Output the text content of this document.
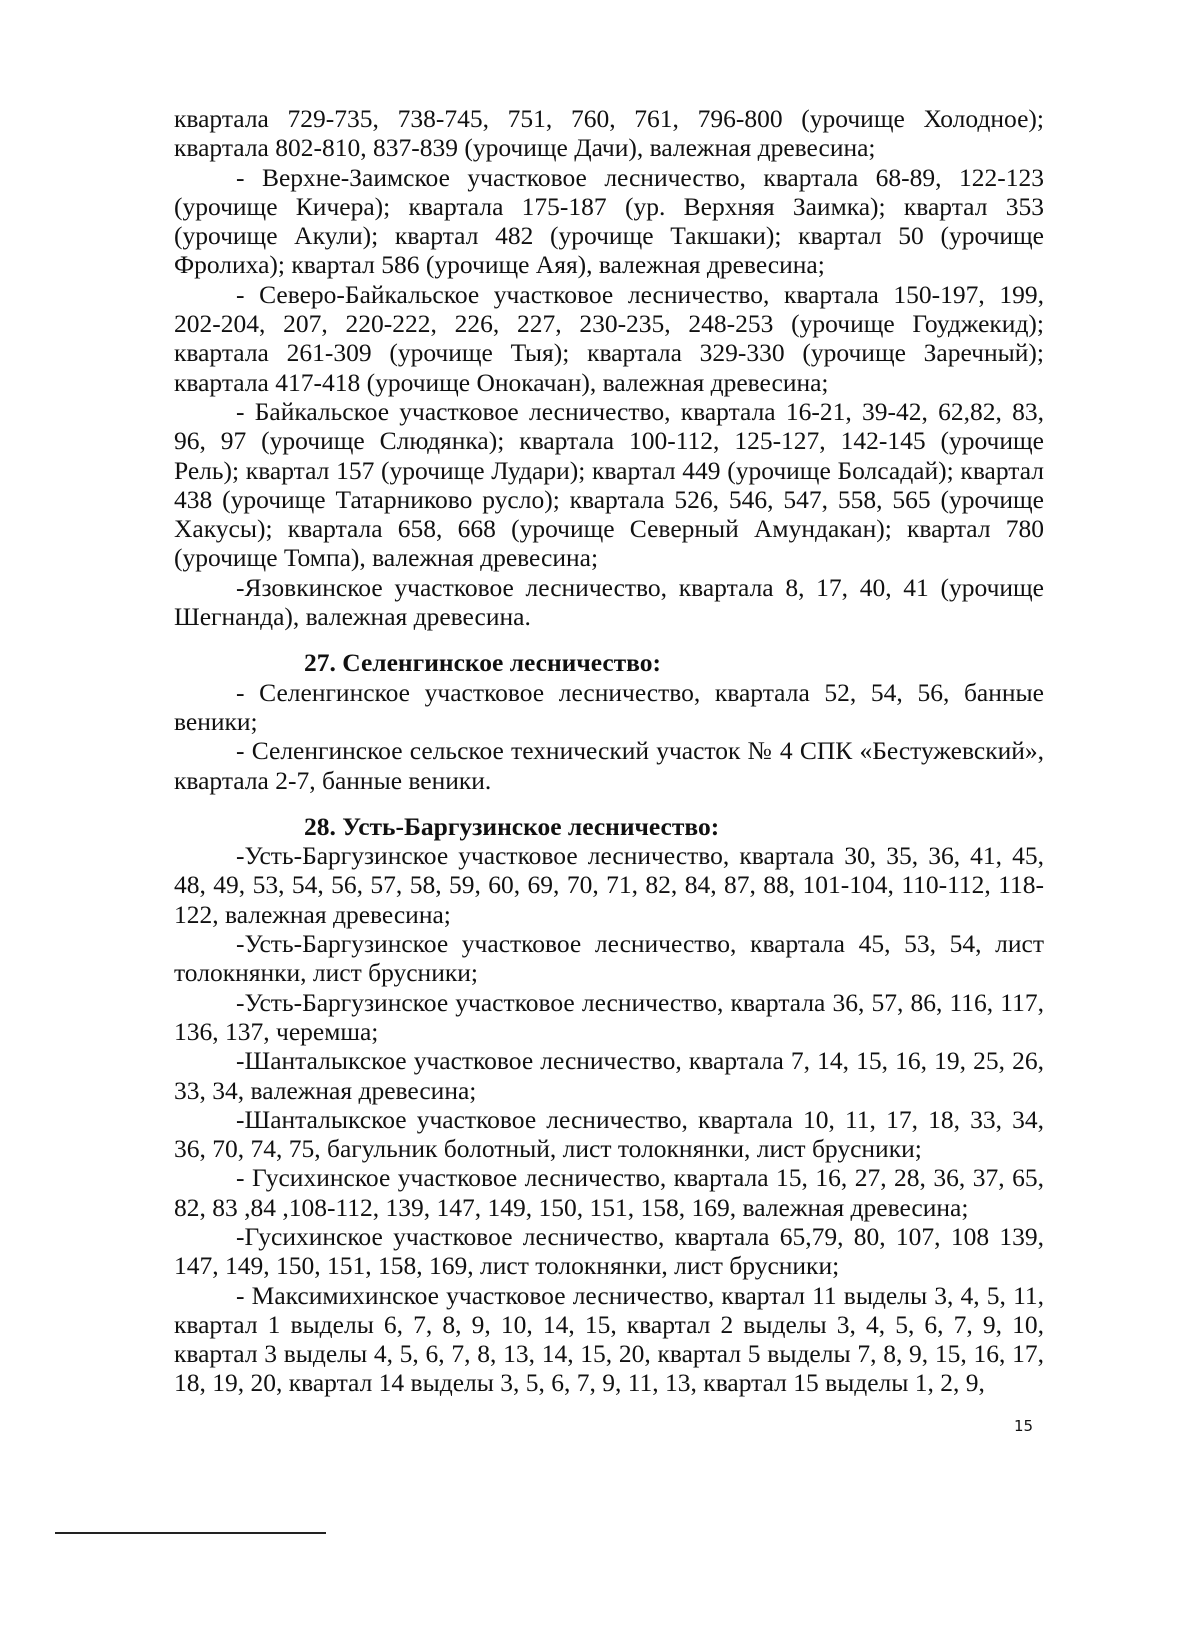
квартала 729-735, 738-745, 751, 760, 761, 796-800 (урочище Холодное); квартала 802-810, 837-839 (урочище Дачи), валежная древесина;

- Верхне-Заимское участковое лесничество, квартала 68-89, 122-123 (урочище Кичера); квартала 175-187 (ур. Верхняя Заимка); квартал 353 (урочище Акули); квартал 482 (урочище Такшаки); квартал 50 (урочище Фролиха); квартал 586 (урочище Аяя), валежная древесина;

- Северо-Байкальское участковое лесничество, квартала 150-197, 199, 202-204, 207, 220-222, 226, 227, 230-235, 248-253 (урочище Гоуджекид); квартала 261-309 (урочище Тыя); квартала 329-330 (урочище Заречный); квартала 417-418 (урочище Онокачан), валежная древесина;

- Байкальское участковое лесничество, квартала 16-21, 39-42, 62,82, 83, 96, 97 (урочище Слюдянка); квартала 100-112, 125-127, 142-145 (урочище Рель); квартал 157 (урочище Лудари); квартал 449 (урочище Болсадай); квартал 438 (урочище Татарниково русло); квартала 526, 546, 547, 558, 565 (урочище Хакусы); квартала 658, 668 (урочище Северный Амундакан); квартал 780 (урочище Томпа), валежная древесина;

-Язовкинское участковое лесничество, квартала 8, 17, 40, 41 (урочище Шегнанда), валежная древесина.

27. Селенгинское лесничество:

- Селенгинское участковое лесничество, квартала 52, 54, 56, банные веники;

- Селенгинское сельское технический участок № 4 СПК «Бестужевский», квартала 2-7, банные веники.

28. Усть-Баргузинское лесничество:

-Усть-Баргузинское участковое лесничество, квартала 30, 35, 36, 41, 45, 48, 49, 53, 54, 56, 57, 58, 59, 60, 69, 70, 71, 82, 84, 87, 88, 101-104, 110-112, 118-122, валежная древесина;

-Усть-Баргузинское участковое лесничество, квартала 45, 53, 54, лист толокнянки, лист брусники;

-Усть-Баргузинское участковое лесничество, квартала 36, 57, 86, 116, 117, 136, 137, черемша;

-Шанталыкское участковое лесничество, квартала 7, 14, 15, 16, 19, 25, 26, 33, 34, валежная древесина;

-Шанталыкское участковое лесничество, квартала 10, 11, 17, 18, 33, 34, 36, 70, 74, 75, багульник болотный, лист толокнянки, лист брусники;

- Гусихинское участковое лесничество, квартала 15, 16, 27, 28, 36, 37, 65, 82, 83 ,84 ,108-112, 139, 147, 149, 150, 151, 158, 169, валежная древесина;

-Гусихинское участковое лесничество, квартала 65,79, 80, 107, 108 139, 147, 149, 150, 151, 158, 169, лист толокнянки, лист брусники;

- Максимихинское участковое лесничество, квартал 11 выделы 3, 4, 5, 11, квартал 1 выделы 6, 7, 8, 9, 10, 14, 15, квартал 2 выделы 3, 4, 5, 6, 7, 9, 10, квартал 3 выделы 4, 5, 6, 7, 8, 13, 14, 15, 20, квартал 5 выделы 7, 8, 9, 15, 16, 17, 18, 19, 20, квартал 14 выделы 3, 5, 6, 7, 9, 11, 13, квартал 15 выделы 1, 2, 9,

15
